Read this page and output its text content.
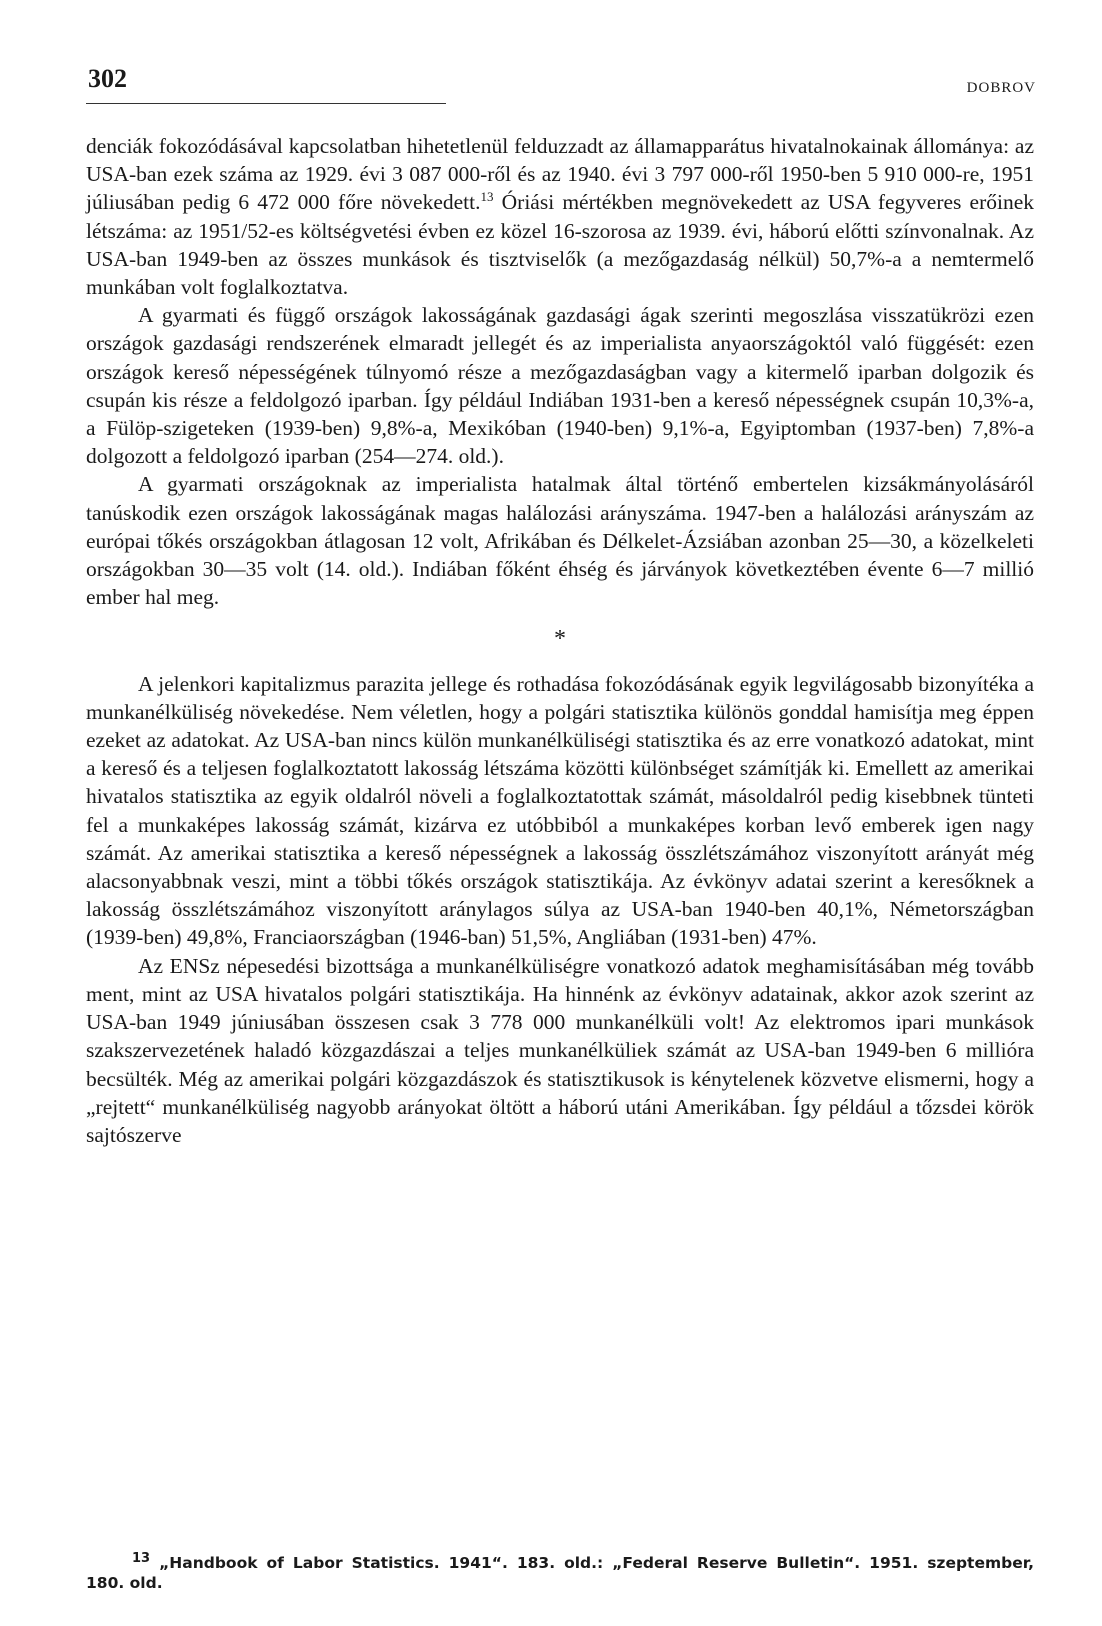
302	DOBROV

denciák fokozódásával kapcsolatban hihetetlenül felduzzadt az államapparátus hivatalnokainak állománya: az USA-ban ezek száma az 1929. évi 3 087 000-ről és az 1940. évi 3 797 000-ről 1950-ben 5 910 000-re, 1951 júliusában pedig 6 472 000 főre növekedett.$^{13}$ Óriási mértékben megnövekedett az USA fegyveres erőinek létszáma: az 1951/52-es költségvetési évben ez közel 16-szorosa az 1939. évi, háború előtti színvonalnak. Az USA-ban 1949-ben az összes munkások és tisztviselők (a mezőgazdaság nélkül) 50,7%-a a nemtermelő munkában volt foglalkoztatva.

A gyarmati és függő országok lakosságának gazdasági ágak szerinti megoszlása visszatükrözi ezen országok gazdasági rendszerének elmaradt jellegét és az imperialista anyaországoktól való függését: ezen országok kereső népességének túlnyomó része a mezőgazdaságban vagy a kitermelő iparban dolgozik és csupán kis része a feldolgozó iparban. Így például Indiában 1931-ben a kereső népességnek csupán 10,3%-a, a Fülöp-szigeteken (1939-ben) 9,8%-a, Mexikóban (1940-ben) 9,1%-a, Egyiptomban (1937-ben) 7,8%-a dolgozott a feldolgozó iparban (254—274. old.).

A gyarmati országoknak az imperialista hatalmak által történő embertelen kizsákmányolásáról tanúskodik ezen országok lakosságának magas halálozási arányszáma. 1947-ben a halálozási arányszám az európai tőkés országokban átlagosan 12 volt, Afrikában és Délkelet-Ázsiában azonban 25—30, a közelkeleti országokban 30—35 volt (14. old.). Indiában főként éhség és járványok következtében évente 6—7 millió ember hal meg.

*

A jelenkori kapitalizmus parazita jellege és rothadása fokozódásának egyik legvilágosabb bizonyítéka a munkanélküliség növekedése. Nem véletlen, hogy a polgári statisztika különös gonddal hamisítja meg éppen ezeket az adatokat. Az USA-ban nincs külön munkanélküliségi statisztika és az erre vonatkozó adatokat, mint a kereső és a teljesen foglalkoztatott lakosság létszáma közötti különbséget számítják ki. Emellett az amerikai hivatalos statisztika az egyik oldalról növeli a foglalkoztatottak számát, másoldalról pedig kisebbnek tünteti fel a munkaképes lakosság számát, kizárva ez utóbbiból a munkaképes korban levő emberek igen nagy számát. Az amerikai statisztika a kereső népességnek a lakosság összlétszámához viszonyított arányát még alacsonyabbnak veszi, mint a többi tőkés országok statisztikája. Az évkönyv adatai szerint a keresőknek a lakosság összlétszámához viszonyított aránylagos súlya az USA-ban 1940-ben 40,1%, Németországban (1939-ben) 49,8%, Franciaországban (1946-ban) 51,5%, Angliában (1931-ben) 47%.

Az ENSz népesedési bizottsága a munkanélküliségre vonatkozó adatok meghamisításában még tovább ment, mint az USA hivatalos polgári statisztikája. Ha hinnénk az évkönyv adatainak, akkor azok szerint az USA-ban 1949 júniusában összesen csak 3 778 000 munkanélküli volt! Az elektromos ipari munkások szakszervezetének haladó közgazdászai a teljes munkanélküliek számát az USA-ban 1949-ben 6 millióra becsülték. Még az amerikai polgári közgazdászok és statisztikusok is kénytelenek közvetve elismerni, hogy a „rejtett“ munkanélküliség nagyobb arányokat öltött a háború utáni Amerikában. Így például a tőzsdei körök sajtószerve

$^{13}$ „Handbook of Labor Statistics. 1941“. 183. old.: „Federal Reserve Bulletin“. 1951. szeptember, 180. old.
